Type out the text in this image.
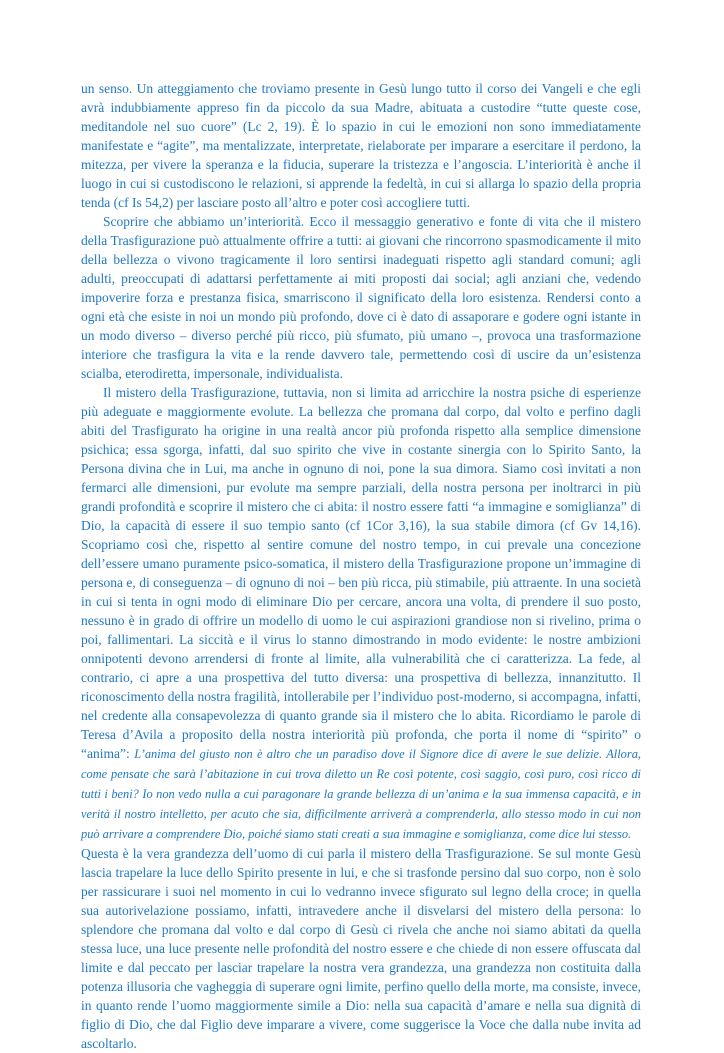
un senso. Un atteggiamento che troviamo presente in Gesù lungo tutto il corso dei Vangeli e che egli avrà indubbiamente appreso fin da piccolo da sua Madre, abituata a custodire “tutte queste cose, meditandole nel suo cuore” (Lc 2, 19). È lo spazio in cui le emozioni non sono immediatamente manifestate e “agite”, ma mentalizzate, interpretate, rielaborate per imparare a esercitare il perdono, la mitezza, per vivere la speranza e la fiducia, superare la tristezza e l’angoscia. L’interiorità è anche il luogo in cui si custodiscono le relazioni, si apprende la fedeltà, in cui si allarga lo spazio della propria tenda (cf Is 54,2) per lasciare posto all’altro e poter così accogliere tutti.

Scoprire che abbiamo un’interiorità. Ecco il messaggio generativo e fonte di vita che il mistero della Trasfigurazione può attualmente offrire a tutti: ai giovani che rincorrono spasmodicamente il mito della bellezza o vivono tragicamente il loro sentirsi inadeguati rispetto agli standard comuni; agli adulti, preoccupati di adattarsi perfettamente ai miti proposti dai social; agli anziani che, vedendo impoverire forza e prestanza fisica, smarriscono il significato della loro esistenza. Rendersi conto a ogni età che esiste in noi un mondo più profondo, dove ci è dato di assaporare e godere ogni istante in un modo diverso – diverso perché più ricco, più sfumato, più umano –, provoca una trasformazione interiore che trasfigura la vita e la rende davvero tale, permettendo così di uscire da un’esistenza scialba, eterodiretta, impersonale, individualista.

Il mistero della Trasfigurazione, tuttavia, non si limita ad arricchire la nostra psiche di esperienze più adeguate e maggiormente evolute. La bellezza che promana dal corpo, dal volto e perfino dagli abiti del Trasfigurato ha origine in una realtà ancor più profonda rispetto alla semplice dimensione psichica; essa sgorga, infatti, dal suo spirito che vive in costante sinergia con lo Spirito Santo, la Persona divina che in Lui, ma anche in ognuno di noi, pone la sua dimora. Siamo così invitati a non fermarci alle dimensioni, pur evolute ma sempre parziali, della nostra persona per inoltrarci in più grandi profondità e scoprire il mistero che ci abita: il nostro essere fatti “a immagine e somiglianza” di Dio, la capacità di essere il suo tempio santo (cf 1Cor 3,16), la sua stabile dimora (cf Gv 14,16). Scopriamo così che, rispetto al sentire comune del nostro tempo, in cui prevale una concezione dell’essere umano puramente psico-somatica, il mistero della Trasfigurazione propone un’immagine di persona e, di conseguenza – di ognuno di noi – ben più ricca, più stimabile, più attraente. In una società in cui si tenta in ogni modo di eliminare Dio per cercare, ancora una volta, di prendere il suo posto, nessuno è in grado di offrire un modello di uomo le cui aspirazioni grandiose non si rivelino, prima o poi, fallimentari. La siccità e il virus lo stanno dimostrando in modo evidente: le nostre ambizioni onnipotenti devono arrendersi di fronte al limite, alla vulnerabilità che ci caratterizza. La fede, al contrario, ci apre a una prospettiva del tutto diversa: una prospettiva di bellezza, innanzitutto. Il riconoscimento della nostra fragilità, intollerabile per l’individuo post-moderno, si accompagna, infatti, nel credente alla consapevolezza di quanto grande sia il mistero che lo abita. Ricordiamo le parole di Teresa d’Avila a proposito della nostra interiorità più profonda, che porta il nome di “spirito” o “anima”: L’anima del giusto non è altro che un paradiso dove il Signore dice di avere le sue delizie. Allora, come pensate che sarà l’abitazione in cui trova diletto un Re così potente, così saggio, così puro, così ricco di tutti i beni? Io non vedo nulla a cui paragonare la grande bellezza di un’anima e la sua immensa capacità, e in verità il nostro intelletto, per acuto che sia, difficilmente arriverà a comprenderla, allo stesso modo in cui non può arrivare a comprendere Dio, poiché siamo stati creati a sua immagine e somiglianza, come dice lui stesso.
Questa è la vera grandezza dell’uomo di cui parla il mistero della Trasfigurazione. Se sul monte Gesù lascia trapelare la luce dello Spirito presente in lui, e che si trasfonde persino dal suo corpo, non è solo per rassicurare i suoi nel momento in cui lo vedranno invece sfigurato sul legno della croce; in quella sua autorivelazione possiamo, infatti, intravedere anche il disvelarsi del mistero della persona: lo splendore che promana dal volto e dal corpo di Gesù ci rivela che anche noi siamo abitati da quella stessa luce, una luce presente nelle profondità del nostro essere e che chiede di non essere offuscata dal limite e dal peccato per lasciar trapelare la nostra vera grandezza, una grandezza non costituita dalla potenza illusoria che vagheggia di superare ogni limite, perfino quello della morte, ma consiste, invece, in quanto rende l’uomo maggiormente simile a Dio: nella sua capacità d’amare e nella sua dignità di figlio di Dio, che dal Figlio deve imparare a vivere, come suggerisce la Voce che dalla nube invita ad ascoltarlo.
